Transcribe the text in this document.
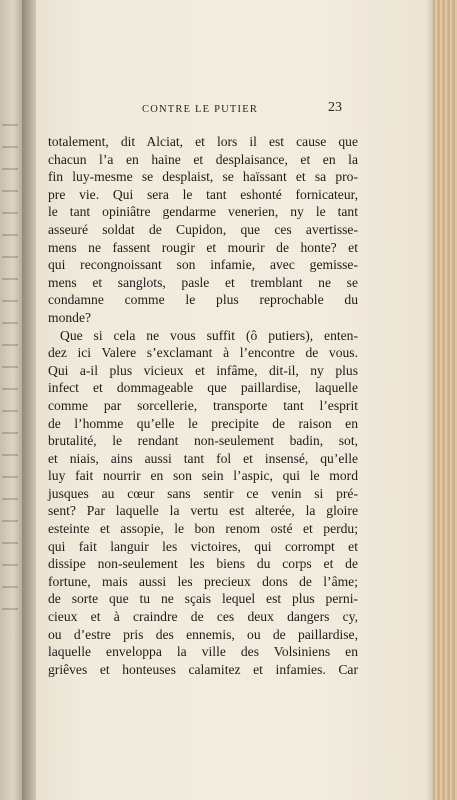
CONTRE LE PUTIER	23
totalement, dit Alciat, et lors il est cause que
chacun l’a en haine et desplaisance, et en la
fin luy-mesme se desplaist, se haïssant et sa pro-
pre vie. Qui sera le tant eshonté fornicateur,
le tant opiniâtre gendarme venerien, ny le tant
asseuré soldat de Cupidon, que ces avertisse-
mens ne fassent rougir et mourir de honte? et
qui recongnoissant son infamie, avec gemisse-
mens et sanglots, pasle et tremblant ne se
condamne comme le plus reprochable du
monde?
Que si cela ne vous suffit (ô putiers), enten-
dez ici Valere s’exclamant à l’encontre de vous.
Qui a-il plus vicieux et infâme, dit-il, ny plus
infect et dommageable que paillardise, laquelle
comme par sorcellerie, transporte tant l’esprit
de l’homme qu’elle le precipite de raison en
brutalité, le rendant non-seulement badin, sot,
et niais, ains aussi tant fol et insensé, qu’elle
luy fait nourrir en son sein l’aspic, qui le mord
jusques au cœur sans sentir ce venin si pré-
sent? Par laquelle la vertu est alterée, la gloire
esteinte et assopie, le bon renom osté et perdu;
qui fait languir les victoires, qui corrompt et
dissipe non-seulement les biens du corps et de
fortune, mais aussi les precieux dons de l’âme;
de sorte que tu ne sçais lequel est plus perni-
cieux et à craindre de ces deux dangers cy,
ou d’estre pris des ennemis, ou de paillardise,
laquelle enveloppa la ville des Volsiniens en
griêves et honteuses calamitez et infamies. Car
